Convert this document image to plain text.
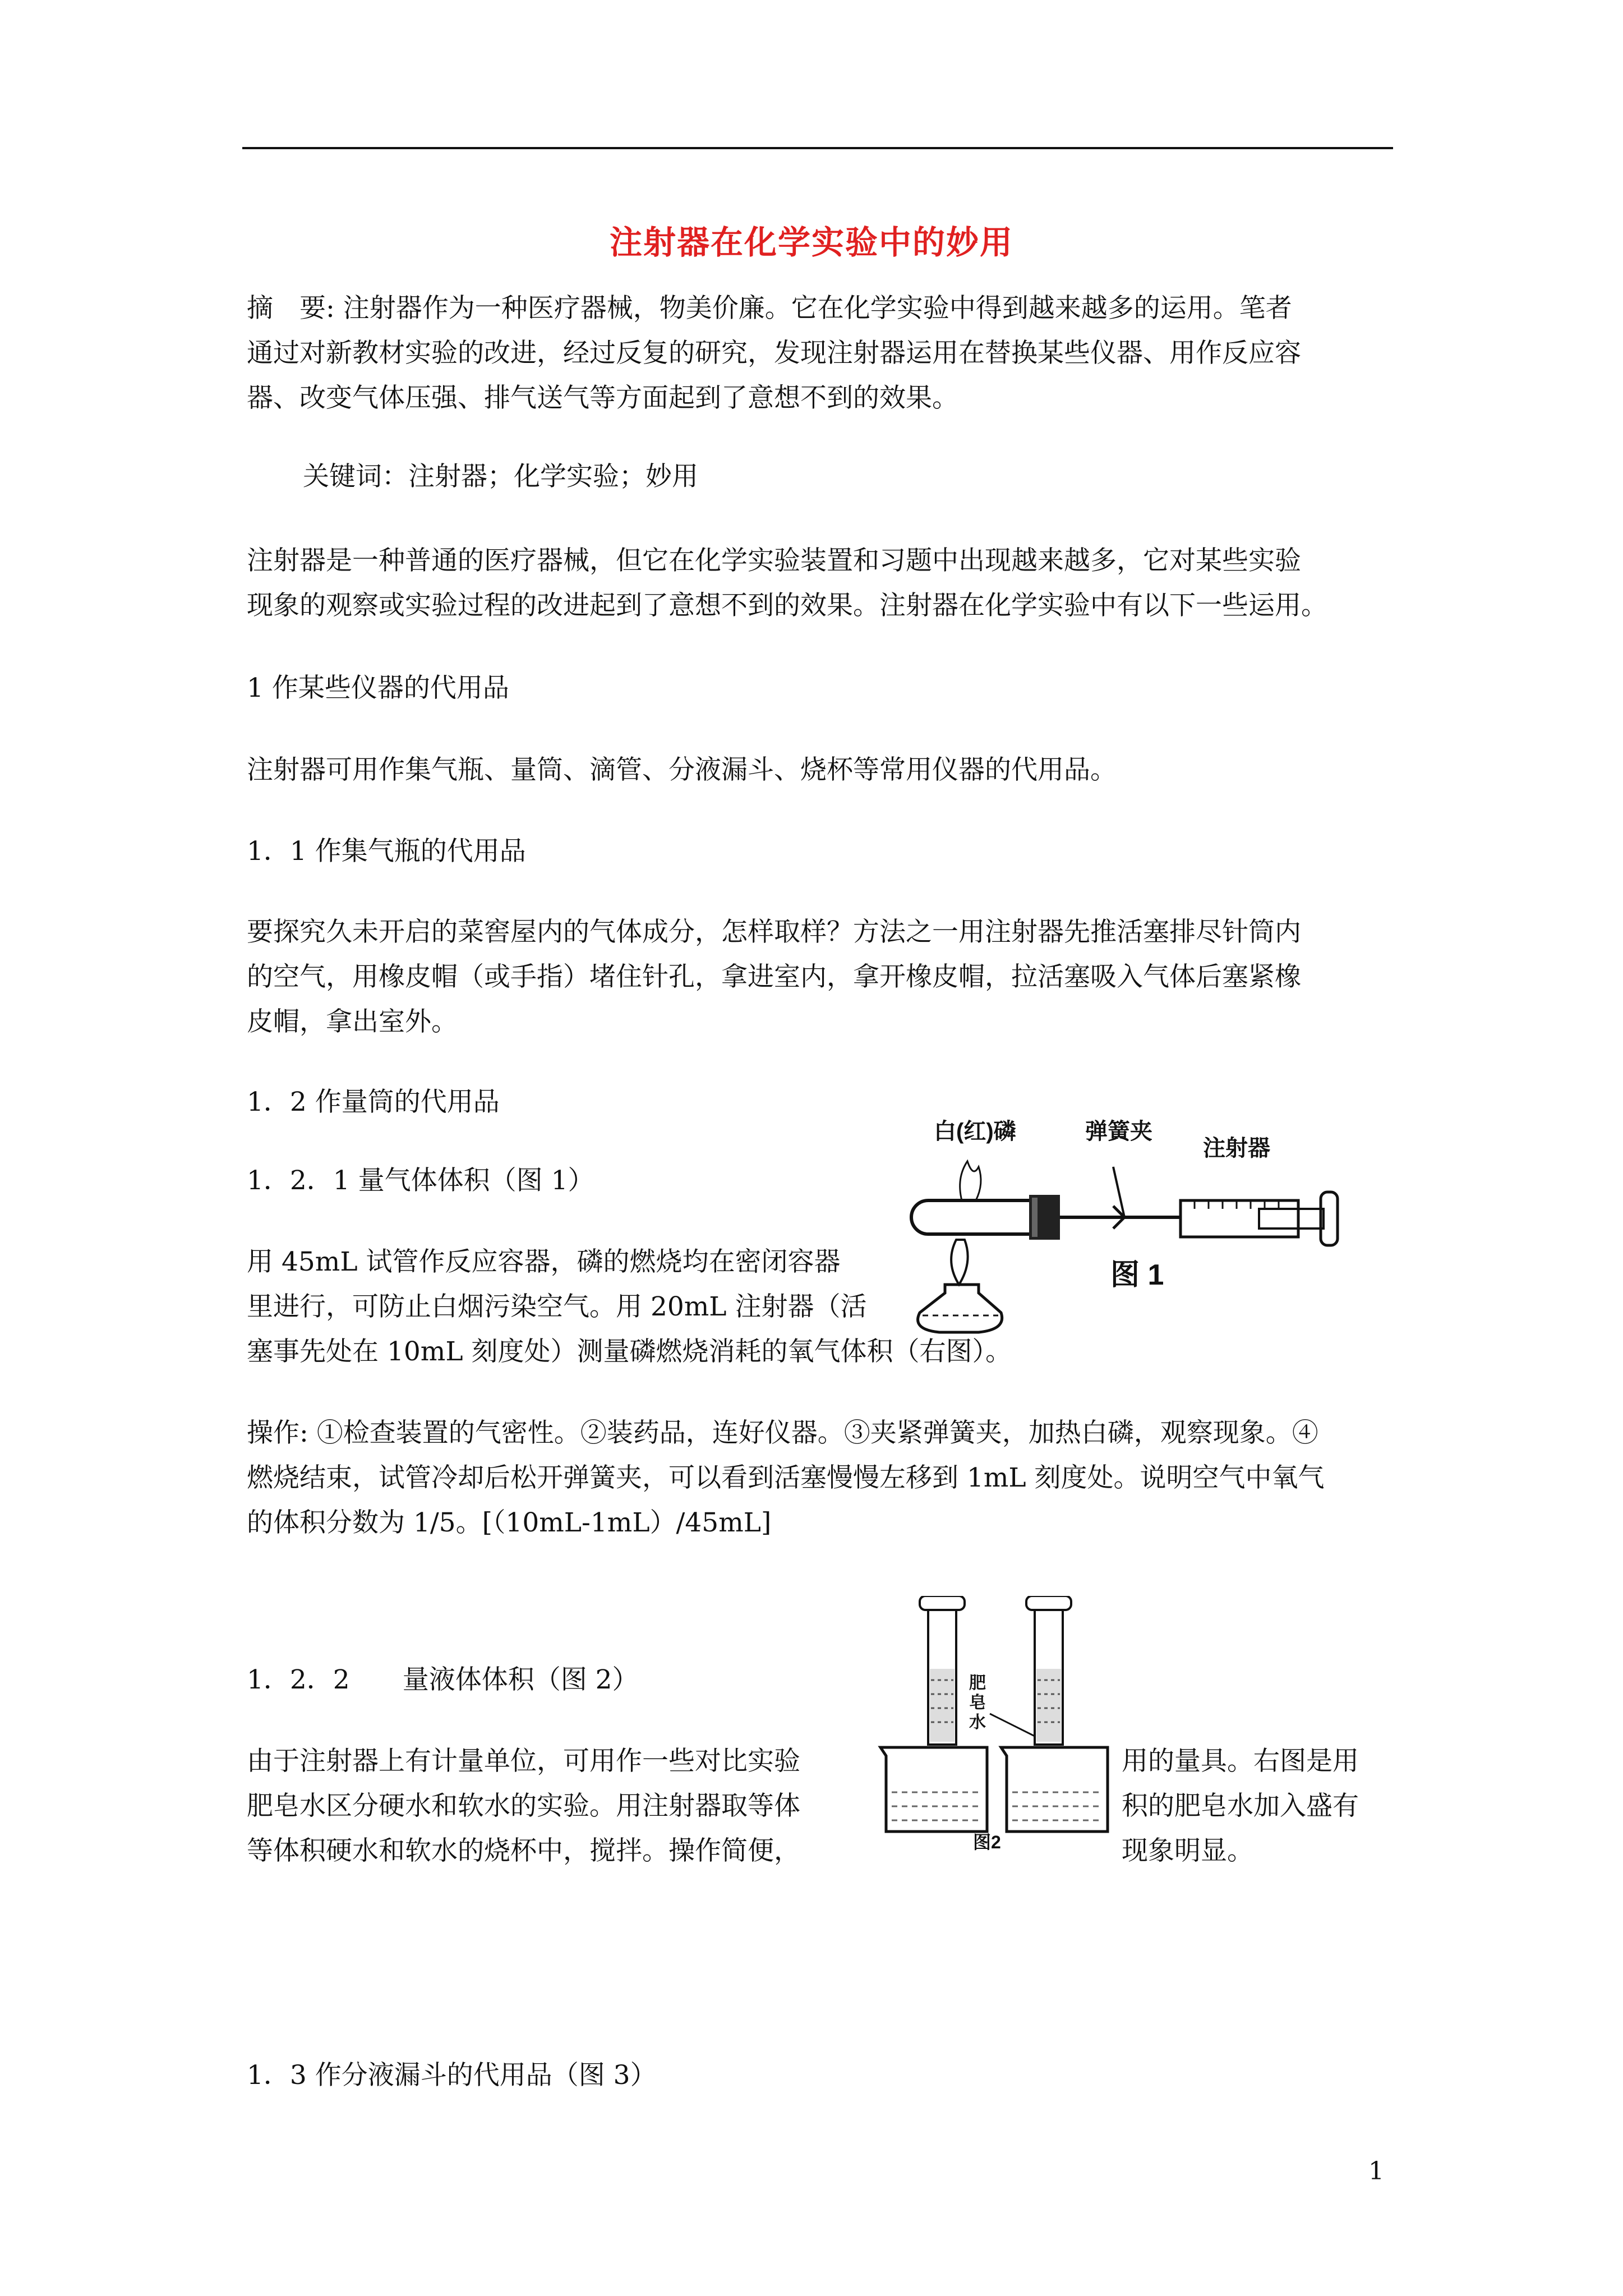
注射器在化学实验中的妙用
摘　要: 注射器作为一种医疗器械，物美价廉。它在化学实验中得到越来越多的运用。笔者
通过对新教材实验的改进，经过反复的研究，发现注射器运用在替换某些仪器、用作反应容
器、改变气体压强、排气送气等方面起到了意想不到的效果。
关键词：注射器；化学实验；妙用
注射器是一种普通的医疗器械，但它在化学实验装置和习题中出现越来越多，它对某些实验
现象的观察或实验过程的改进起到了意想不到的效果。注射器在化学实验中有以下一些运用。
1 作某些仪器的代用品
注射器可用作集气瓶、量筒、滴管、分液漏斗、烧杯等常用仪器的代用品。
1．1 作集气瓶的代用品
要探究久未开启的菜窖屋内的气体成分，怎样取样？方法之一用注射器先推活塞排尽针筒内
的空气，用橡皮帽（或手指）堵住针孔，拿进室内，拿开橡皮帽，拉活塞吸入气体后塞紧橡
皮帽，拿出室外。
1．2 作量筒的代用品
1．2．1 量气体体积（图 1）
用 45mL 试管作反应容器，磷的燃烧均在密闭容器
里进行，可防止白烟污染空气。用 20mL 注射器（活
塞事先处在 10mL 刻度处）测量磷燃烧消耗的氧气体积（右图）。
白(红)磷	弹簧夹
注射器
图 1
操作: ①检查装置的气密性。②装药品，连好仪器。③夹紧弹簧夹，加热白磷，观察现象。④
燃烧结束，试管冷却后松开弹簧夹，可以看到活塞慢慢左移到 1mL 刻度处。说明空气中氧气
的体积分数为 1/5。[（10mL-1mL）/45mL]
肥
皂
水
图2
1．2．2　　量液体体积（图 2）
由于注射器上有计量单位，可用作一些对比实验
肥皂水区分硬水和软水的实验。用注射器取等体
等体积硬水和软水的烧杯中，搅拌。操作简便，
用的量具。右图是用
积的肥皂水加入盛有
现象明显。
1．3 作分液漏斗的代用品（图 3）
1
